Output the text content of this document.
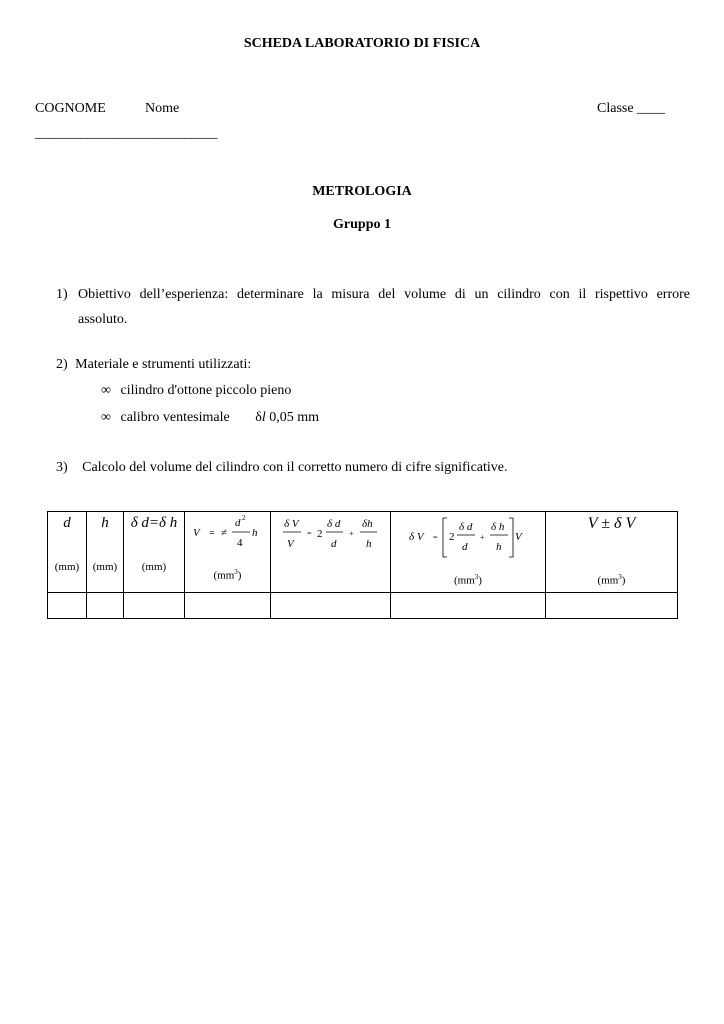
SCHEDA LABORATORIO DI FISICA
COGNOME	Nome	Classe ____
____________________________
METROLOGIA
Gruppo 1
1) Obiettivo dell’esperienza: determinare la misura del volume di un cilindro con il rispettivo errore
assoluto.
2) Materiale e strumenti utilizzati:
∞ cilindro d'ottone piccolo pieno
∞ calibro ventesimale δl 0,05 mm
3) Calcolo del volume del cilindro con il corretto numero di cifre significative.
d
(mm)
h
(mm)
δ d=δ h
(mm)
V = ≠
d 2
4
h
$(mm^3)$
δ V
V
= 2
δ d
d
+
δh
h
δ V = 2
δ d
d
+
δ h
h
V
$(mm^3)$
V ± δ V
$(mm^3)$
